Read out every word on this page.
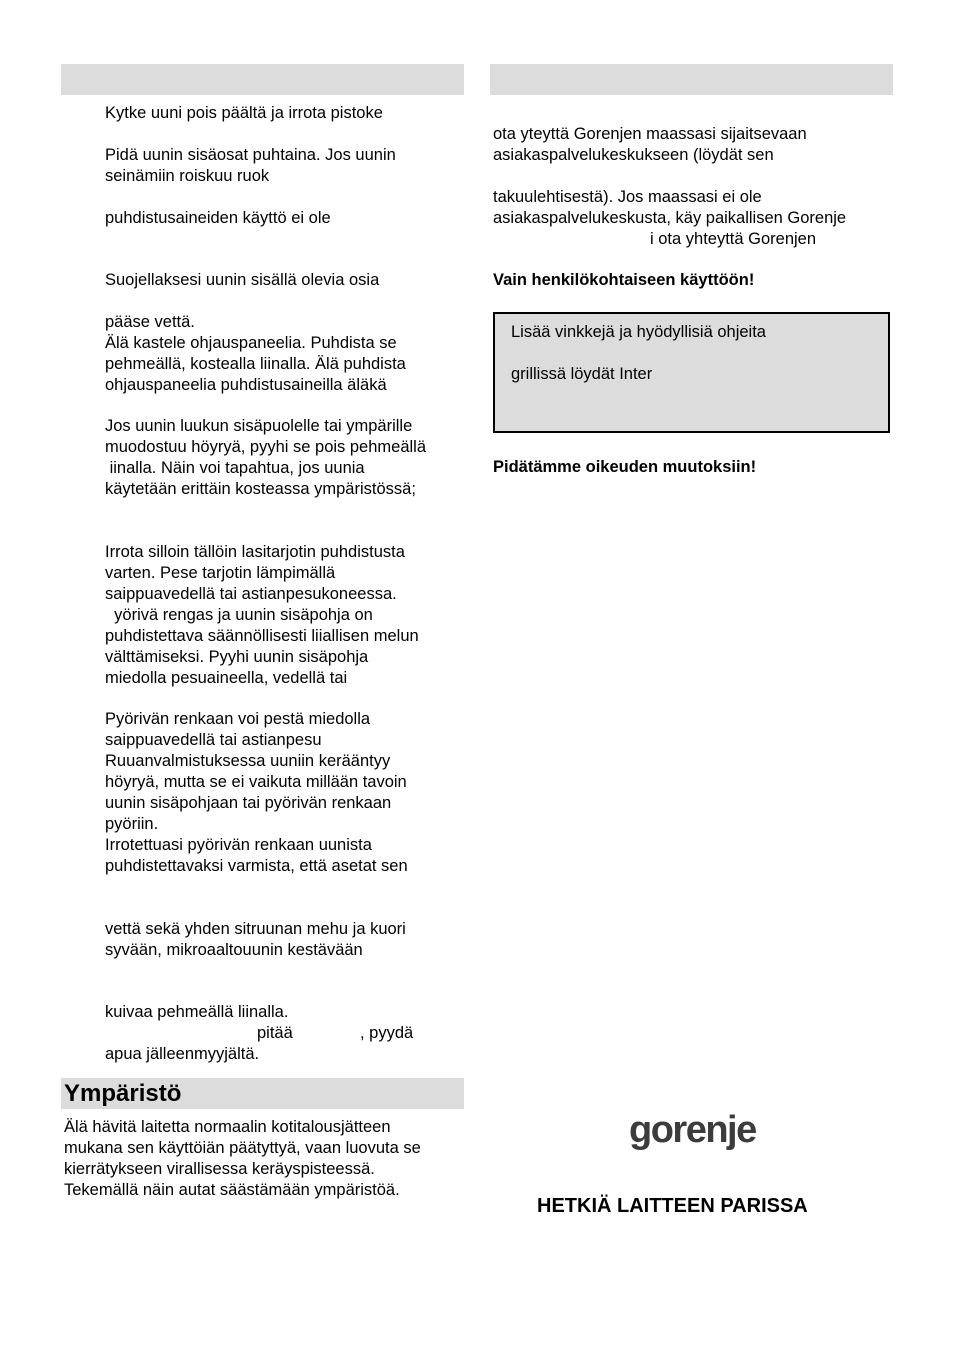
Kytke uuni pois päältä ja irrota pistoke
Pidä uunin sisäosat puhtaina. Jos uunin
seinämiin roiskuu ruok
puhdistusaineiden käyttö ei ole
Suojellaksesi uunin sisällä olevia osia
pääse vettä.
Älä kastele ohjauspaneelia. Puhdista se
pehmeällä, kostealla liinalla. Älä puhdista
ohjauspaneelia puhdistusaineilla äläkä
Jos uunin luukun sisäpuolelle tai ympärille
muodostuu höyryä, pyyhi se pois pehmeällä
iinalla. Näin voi tapahtua, jos uunia
käytetään erittäin kosteassa ympäristössä;
Irrota silloin tällöin lasitarjotin puhdistusta
varten. Pese tarjotin lämpimällä
saippuavedellä tai astianpesukoneessa.
yörivä rengas ja uunin sisäpohja on
puhdistettava säännöllisesti liiallisen melun
välttämiseksi. Pyyhi uunin sisäpohja
miedolla pesuaineella, vedellä tai
Pyörivän renkaan voi pestä miedolla
saippuavedellä tai astianpesu
Ruuanvalmistuksessa uuniin kerääntyy
höyryä, mutta se ei vaikuta millään tavoin
uunin sisäpohjaan tai pyörivän renkaan
pyöriin.
Irrotettuasi pyörivän renkaan uunista
puhdistettavaksi varmista, että asetat sen
vettä sekä yhden sitruunan mehu ja kuori
syvään, mikroaaltouunin kestävään
kuivaa pehmeällä liinalla.
pitää	, pyydä
apua jälleenmyyjältä.
Ympäristö
Älä hävitä laitetta normaalin kotitalousjätteen
mukana sen käyttöiän päätyttyä, vaan luovuta se
kierrätykseen virallisessa keräyspisteessä.
Tekemällä näin autat säästämään ympäristöä.
ota yteyttä Gorenjen maassasi sijaitsevaan
asiakaspalvelukeskukseen (löydät sen
takuulehtisestä). Jos maassasi ei ole
asiakaspalvelukeskusta, käy paikallisen Gorenje
i ota yhteyttä Gorenjen
Vain henkilökohtaiseen käyttöön!
Lisää vinkkejä ja hyödyllisiä ohjeita
grillissä löydät Inter
Pidätämme oikeuden muutoksiin!
gorenje
HETKIÄ LAITTEEN PARISSA
